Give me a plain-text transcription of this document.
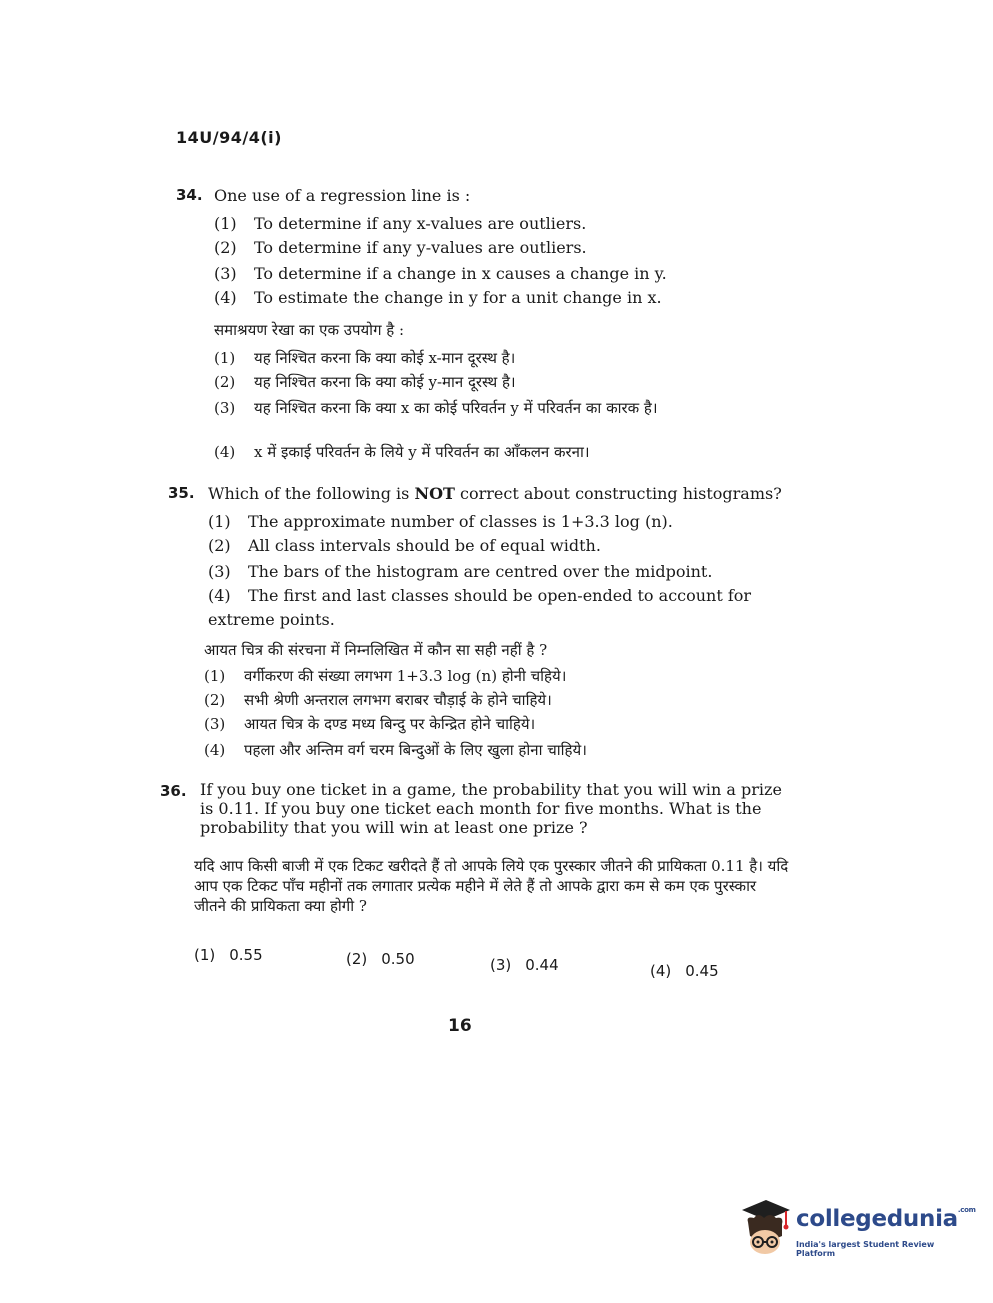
14U/94/4(i)
34. One use of a regression line is :
(1) To determine if any x-values are outliers.
(2) To determine if any y-values are outliers.
(3) To determine if a change in x causes a change in y.
(4) To estimate the change in y for a unit change in x.
समाश्रयण रेखा का एक उपयोग है :
(1) यह निश्चित करना कि क्या कोई x-मान दूरस्थ है।
(2) यह निश्चित करना कि क्या कोई y-मान दूरस्थ है।
(3) यह निश्चित करना कि क्या x का कोई परिवर्तन y में परिवर्तन का कारक है।
(4) x में इकाई परिवर्तन के लिये y में परिवर्तन का आँकलन करना।
35. Which of the following is NOT correct about constructing histograms?
(1) The approximate number of classes is 1+3.3 log (n).
(2) All class intervals should be of equal width.
(3) The bars of the histogram are centred over the midpoint.
(4) The first and last classes should be open-ended to account for extreme points.
आयत चित्र की संरचना में निम्नलिखित में कौन सा सही नहीं है ?
(1) वर्गीकरण की संख्या लगभग 1+3.3 log (n) होनी चहिये।
(2) सभी श्रेणी अन्तराल लगभग बराबर चौड़ाई के होने चाहिये।
(3) आयत चित्र के दण्ड मध्य बिन्दु पर केन्द्रित होने चाहिये।
(4) पहला और अन्तिम वर्ग चरम बिन्दुओं के लिए खुला होना चाहिये।
36. If you buy one ticket in a game, the probability that you will win a prize is 0.11. If you buy one ticket each month for five months. What is the probability that you will win at least one prize ?
यदि आप किसी बाजी में एक टिकट खरीदते हैं तो आपके लिये एक पुरस्कार जीतने की प्रायिकता 0.11 है। यदि आप एक टिकट पाँच महीनों तक लगातार प्रत्येक महीने में लेते हैं तो आपके द्वारा कम से कम एक पुरस्कार जीतने की प्रायिकता क्या होगी ?
(1) 0.55	(2) 0.50	(3) 0.44	(4) 0.45
16
collegedunia$^{.com}$
India's largest Student Review Platform
